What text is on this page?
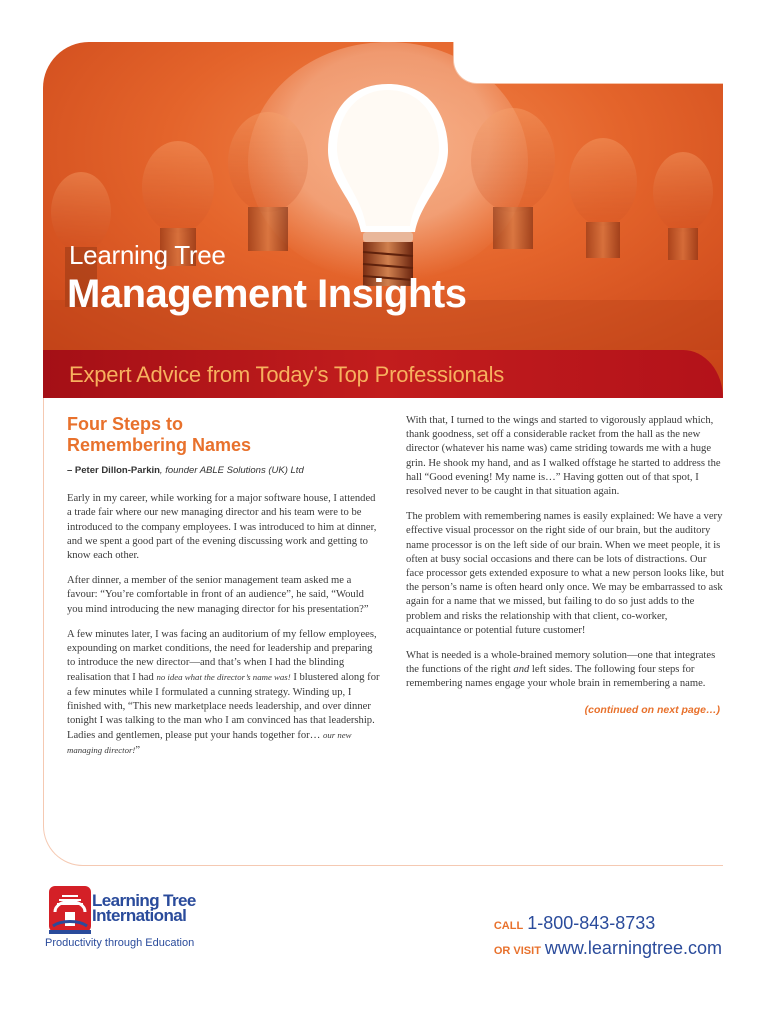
EDITION 031
Learning Tree
Management Insights
Expert Advice from Today’s Top Professionals
Four Steps to
Remembering Names
– Peter Dillon-Parkin, founder ABLE Solutions (UK) Ltd

Early in my career, while working for a major software house, I attended a trade fair where our new managing director and his team were to be introduced to the company employees. I was introduced to him at dinner, and we spent a good part of the evening discussing work and getting to know each other.

After dinner, a member of the senior management team asked me a favour: “You’re comfortable in front of an audience”, he said, “Would you mind introducing the new managing director for his presentation?”

A few minutes later, I was facing an auditorium of my fellow employees, expounding on market conditions, the need for leadership and preparing to introduce the new director—and that’s when I had the blinding realisation that I had no idea what the director’s name was! I blustered along for a few minutes while I formulated a cunning strategy. Winding up, I finished with, “This new marketplace needs leadership, and over dinner tonight I was talking to the man who I am convinced has that leadership. Ladies and gentlemen, please put your hands together for… our new managing director!”

With that, I turned to the wings and started to vigorously applaud which, thank goodness, set off a considerable racket from the hall as the new director (whatever his name was) came striding towards me with a huge grin. He shook my hand, and as I walked offstage he started to address the hall “Good evening! My name is…” Having gotten out of that spot, I resolved never to be caught in that situation again.

The problem with remembering names is easily explained: We have a very effective visual processor on the right side of our brain, but the auditory name processor is on the left side of our brain. When we meet people, it is often at busy social occasions and there can be lots of distractions. Our face processor gets extended exposure to what a new person looks like, but the person’s name is often heard only once. We may be embarrassed to ask again for a name that we missed, but failing to do so just adds to the problem and risks the relationship with that client, co-worker, acquaintance or potential future customer!

What is needed is a whole-brained memory solution—one that integrates the functions of the right and left sides. The following four steps for remembering names engage your whole brain in remembering a name.

(continued on next page…)
Learning Tree
International
Productivity through Education
CALL 1-800-843-8733
OR VISIT www.learningtree.com
